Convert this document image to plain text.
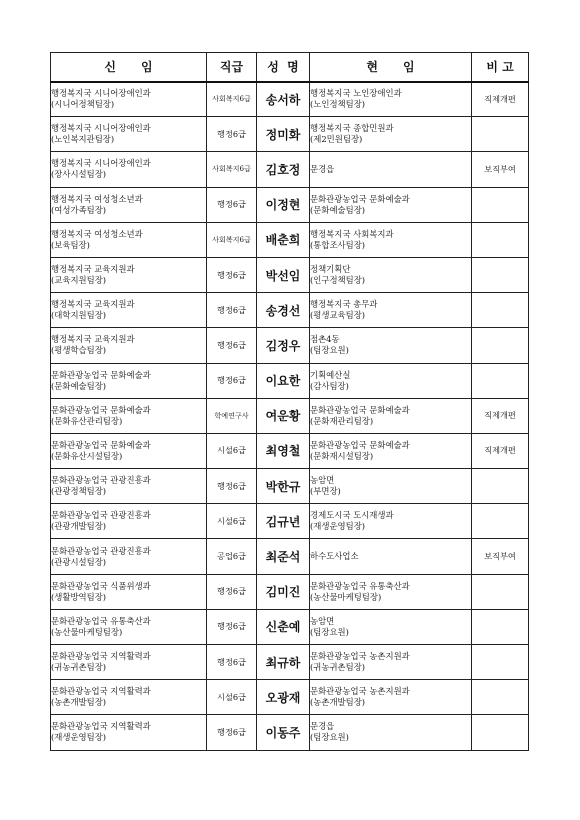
신      임	직급	성  명	현      임	비 고

행정복지국 시니어장애인과
(시니어정책팀장)	사회복지6급	송서하	행정복지국 노인장애인과
(노인정책팀장)	직제개편

행정복지국 시니어장애인과
(노인복지관팀장)	행정6급	정미화	행정복지국 종합민원과
(제2민원팀장)	

행정복지국 시니어장애인과
(장사시설팀장)	사회복지6급	김호정	문경읍	보직부여

행정복지국 여성청소년과
(여성가족팀장)	행정6급	이정현	문화관광농업국 문화예술과
(문화예술팀장)	

행정복지국 여성청소년과
(보육팀장)	사회복지6급	배춘희	행정복지국 사회복지과
(통합조사팀장)	

행정복지국 교육지원과
(교육지원팀장)	행정6급	박선임	정책기획단
(인구정책팀장)	

행정복지국 교육지원과
(대학지원팀장)	행정6급	송경선	행정복지국 총무과
(평생교육팀장)	

행정복지국 교육지원과
(평생학습팀장)	행정6급	김정우	점촌4동
(팀장요원)	

문화관광농업국 문화예술과
(문화예술팀장)	행정6급	이요한	기획예산실
(감사팀장)	

문화관광농업국 문화예술과
(문화유산관리팀장)	학예연구사	여운황	문화관광농업국 문화예술과
(문화재관리팀장)	직제개편

문화관광농업국 문화예술과
(문화유산시설팀장)	시설6급	최영철	문화관광농업국 문화예술과
(문화재시설팀장)	직제개편

문화관광농업국 관광진흥과
(관광정책팀장)	행정6급	박한규	농암면
(부면장)	

문화관광농업국 관광진흥과
(관광개발팀장)	시설6급	김규년	경제도시국 도시재생과
(재생운영팀장)	

문화관광농업국 관광진흥과
(관광시설팀장)	공업6급	최준석	하수도사업소	보직부여

문화관광농업국 식품위생과
(생활방역팀장)	행정6급	김미진	문화관광농업국 유통축산과
(농산물마케팅팀장)	

문화관광농업국 유통축산과
(농산물마케팅팀장)	행정6급	신춘예	농암면
(팀장요원)	

문화관광농업국 지역활력과
(귀농귀촌팀장)	행정6급	최규하	문화관광농업국 농촌지원과
(귀농귀촌팀장)	

문화관광농업국 지역활력과
(농촌개발팀장)	시설6급	오광재	문화관광농업국 농촌지원과
(농촌개발팀장)	

문화관광농업국 지역활력과
(재생운영팀장)	행정6급	이동주	문경읍
(팀장요원)	
